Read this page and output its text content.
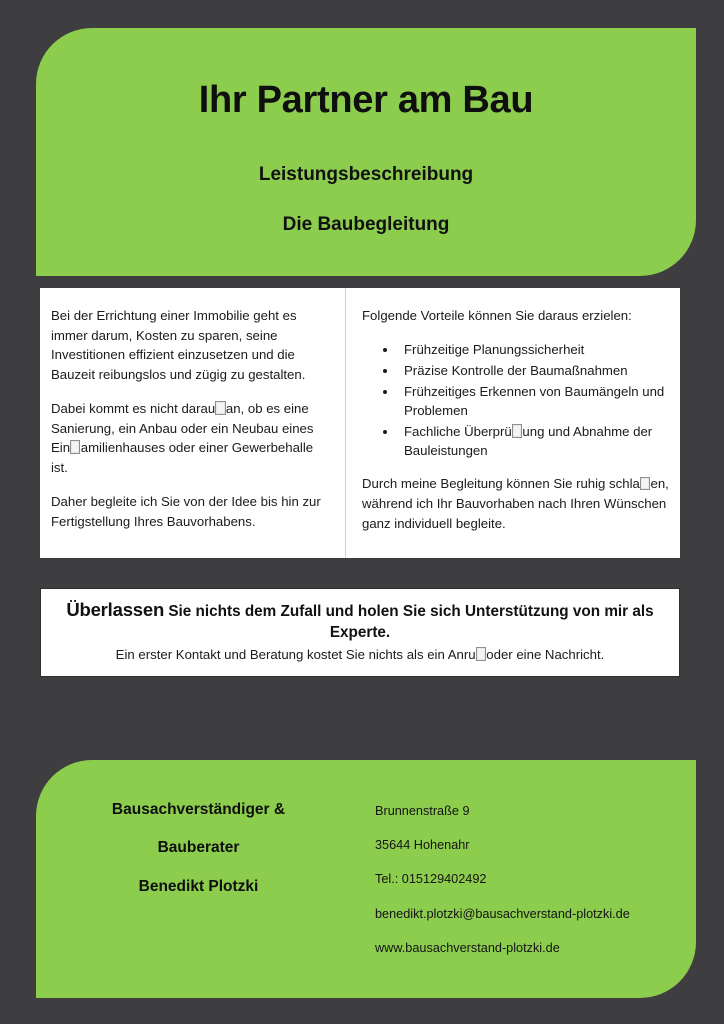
Ihr Partner am Bau
Leistungsbeschreibung
Die Baubegleitung

Bei der Errichtung einer Immobilie geht es immer darum, Kosten zu sparen, seine Investitionen effizient einzusetzen und die Bauzeit reibungslos und zügig zu gestalten.

Dabei kommt es nicht darau an, ob es eine Sanierung, ein Anbau oder ein Neubau eines Ein amilienhauses oder einer Gewerbehalle ist.

Daher begleite ich Sie von der Idee bis hin zur Fertigstellung Ihres Bauvorhabens.

Folgende Vorteile können Sie daraus erzielen:

• Frühzeitige Planungssicherheit
• Präzise Kontrolle der Baumaßnahmen
• Frühzeitiges Erkennen von Baumängeln und Problemen
• Fachliche Überprü ung und Abnahme der Bauleistungen

Durch meine Begleitung können Sie ruhig schla en, während ich Ihr Bauvorhaben nach Ihren Wünschen ganz individuell begleite.

Überlassen Sie nichts dem Zufall und holen Sie sich Unterstützung von mir als Experte.

Ein erster Kontakt und Beratung kostet Sie nichts als ein Anru oder eine Nachricht.

Bausachverständiger &
Bauberater
Benedikt Plotzki
Brunnenstraße 9
35644 Hohenahr
Tel.: 015129402492
benedikt.plotzki@bausachverstand-plotzki.de
www.bausachverstand-plotzki.de
